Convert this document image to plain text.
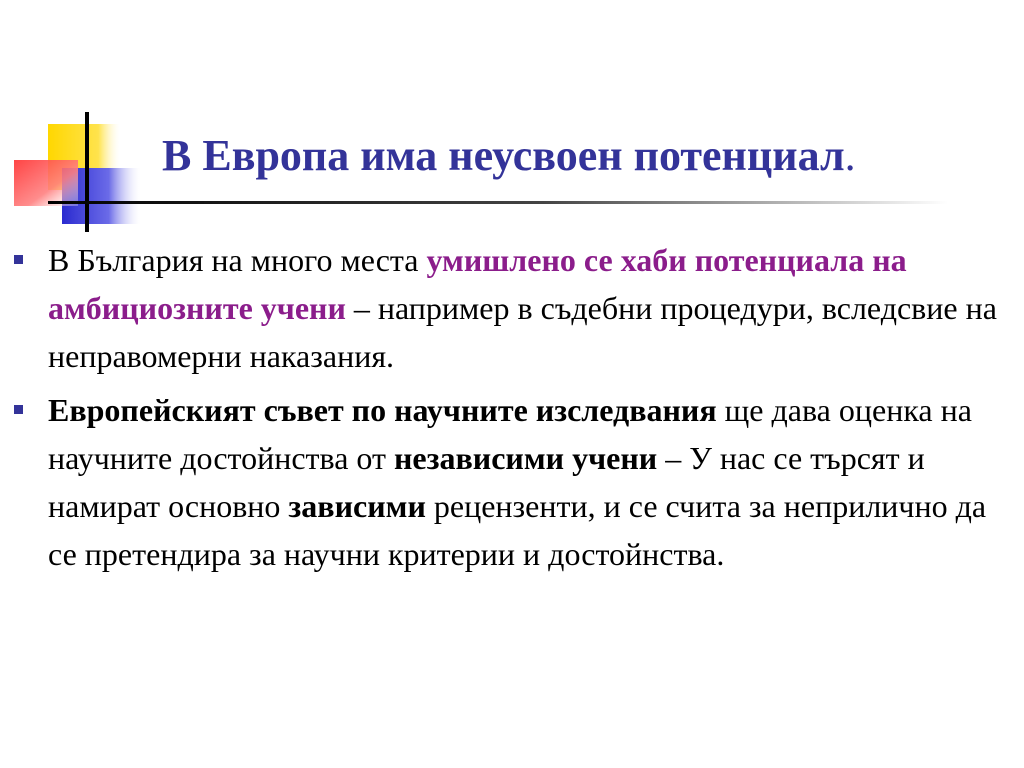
В Европа има неусвоен потенциал.
В България на много места умишлено се хаби потенциала на амбициозните учени – например в съдебни процедури, вследсвие на неправомерни наказания.
Европейският съвет по научните изследвания ще дава оценка на научните достойнства от независими учени – У нас се търсят и намират основно зависими рецензенти, и се счита за неприлично да се претендира за научни критерии и достойнства.
